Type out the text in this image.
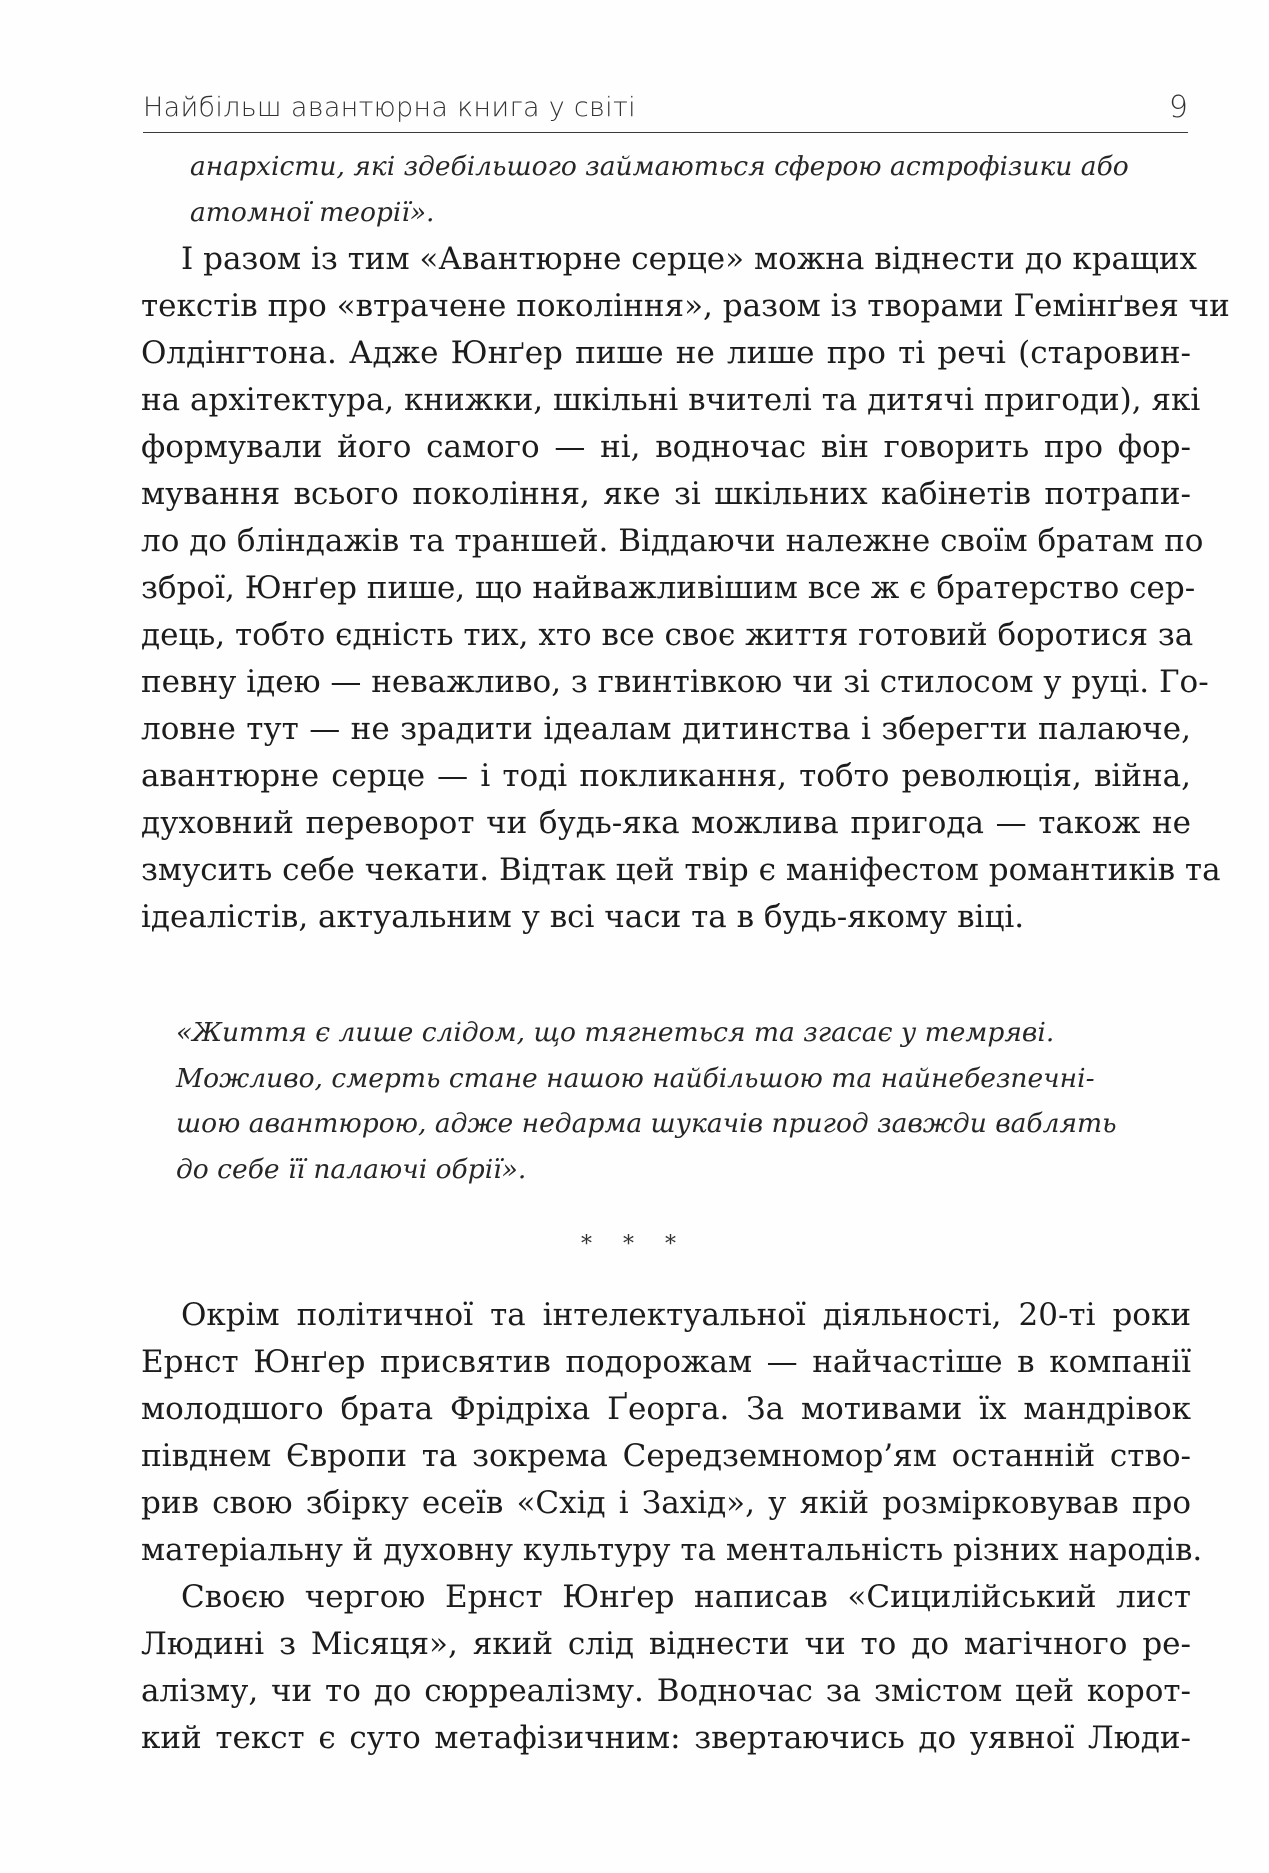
Найбільш авантюрна книга у світі	9
анархісти, які здебільшого займаються сферою астрофізики або
атомної теорії».
І разом із тим «Авантюрне серце» можна віднести до кращих
текстів про «втрачене покоління», разом із творами Гемінґвея чи
Олдінгтона. Адже Юнґер пише не лише про ті речі (старовин-
на архітектура, книжки, шкільні вчителі та дитячі пригоди), які
формували його самого — ні, водночас він говорить про фор-
мування всього покоління, яке зі шкільних кабінетів потрапи-
ло до бліндажів та траншей. Віддаючи належне своїм братам по
зброї, Юнґер пише, що найважливішим все ж є братерство сер-
дець, тобто єдність тих, хто все своє життя готовий боротися за
певну ідею — неважливо, з гвинтівкою чи зі стилосом у руці. Го-
ловне тут — не зрадити ідеалам дитинства і зберегти палаюче,
авантюрне серце — і тоді покликання, тобто революція, війна,
духовний переворот чи будь-яка можлива пригода — також не
змусить себе чекати. Відтак цей твір є маніфестом романтиків та
ідеалістів, актуальним у всі часи та в будь-якому віці.
«Життя є лише слідом, що тягнеться та згасає у темряві.
Можливо, смерть стане нашою найбільшою та найнебезпечні-
шою авантюрою, адже недарма шукачів пригод завжди ваблять
до себе її палаючі обрії».
* * *
Окрім політичної та інтелектуальної діяльності, 20-ті роки
Ернст Юнґер присвятив подорожам — найчастіше в компанії
молодшого брата Фрідріха Ґеорга. За мотивами їх мандрівок
півднем Європи та зокрема Середземномор’ям останній ство-
рив свою збірку есеїв «Схід і Захід», у якій розмірковував про
матеріальну й духовну культуру та ментальність різних народів.
Своєю чергою Ернст Юнґер написав «Сицилійський лист
Людині з Місяця», який слід віднести чи то до магічного ре-
алізму, чи то до сюрреалізму. Водночас за змістом цей корот-
кий текст є суто метафізичним: звертаючись до уявної Люди-
